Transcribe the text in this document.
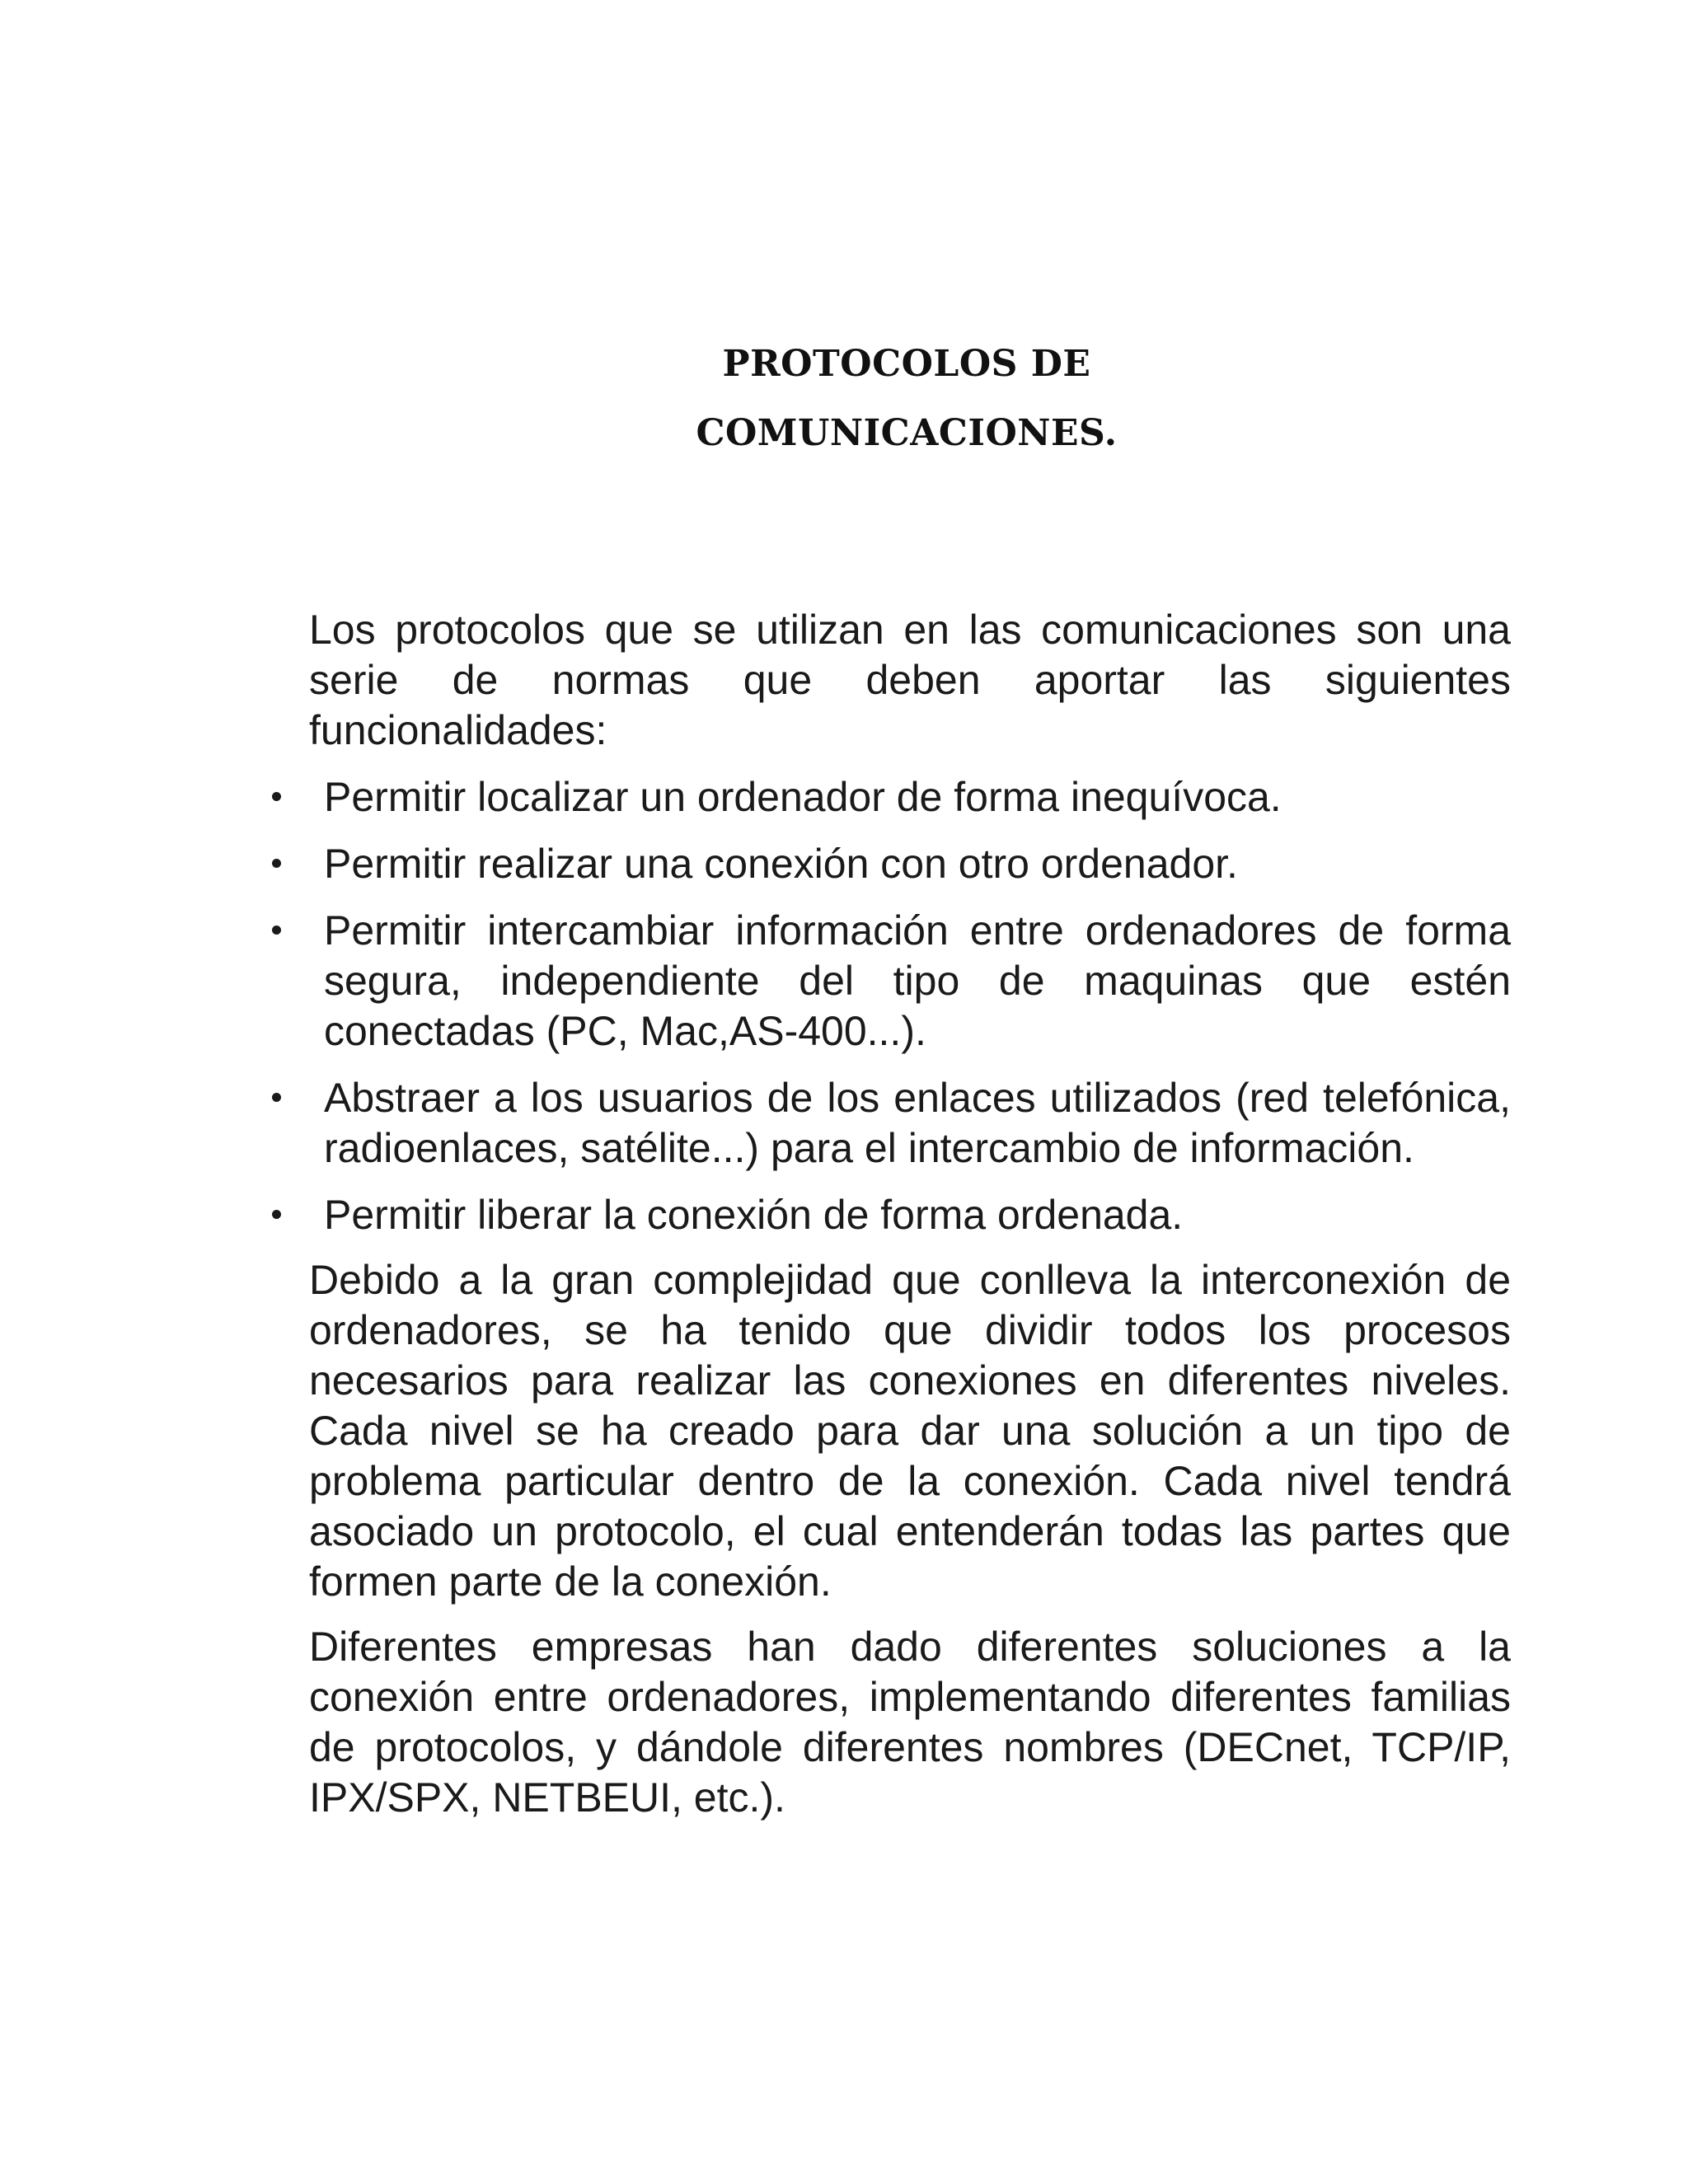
PROTOCOLOS DE
COMUNICACIONES.

Los protocolos que se utilizan en las comunicaciones son una serie de normas que deben aportar las siguientes funcionalidades:

Permitir localizar un ordenador de forma inequívoca.
Permitir realizar una conexión con otro ordenador.
Permitir intercambiar información entre ordenadores de forma segura, independiente del tipo de maquinas que estén conectadas (PC, Mac,AS-400...).
Abstraer a los usuarios de los enlaces utilizados (red telefónica, radioenlaces, satélite...) para el intercambio de información.
Permitir liberar la conexión de forma ordenada.

Debido a la gran complejidad que conlleva la interconexión de ordenadores, se ha tenido que dividir todos los procesos necesarios para realizar las conexiones en diferentes niveles. Cada nivel se ha creado para dar una solución a un tipo de problema particular dentro de la conexión. Cada nivel tendrá asociado un protocolo, el cual entenderán todas las partes que formen parte de la conexión.

Diferentes empresas han dado diferentes soluciones a la conexión entre ordenadores, implementando diferentes familias de protocolos, y dándole diferentes nombres (DECnet, TCP/IP, IPX/SPX, NETBEUI, etc.).
